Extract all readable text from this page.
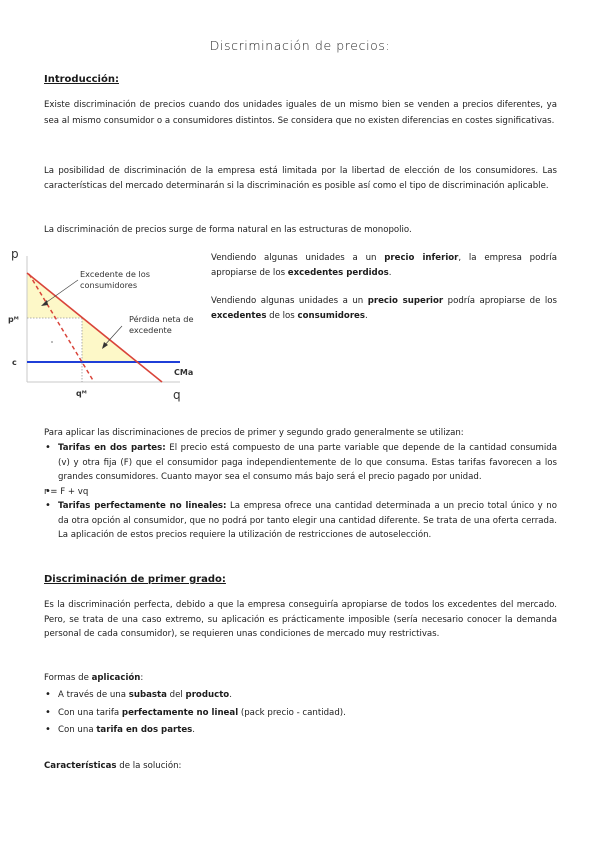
Discriminación de precios:
Introducción:
Existe discriminación de precios cuando dos unidades iguales de un mismo bien se venden a precios diferentes, ya sea al mismo consumidor o a consumidores distintos. Se considera que no existen diferencias en costes significativas.
La posibilidad de discriminación de la empresa está limitada por la libertad de elección de los consumidores. Las características del mercado determinarán si la discriminación es posible así como el tipo de discriminación aplicable.
La discriminación de precios surge de forma natural en las estructuras de monopolio.
p
q
pᴹ
c
qᴹ
CMa
Excedente de los
consumidores
Pérdida neta de
excedente
Vendiendo algunas unidades a un precio inferior, la empresa podría apropiarse de los excedentes perdidos.
Vendiendo algunas unidades a un precio superior podría apropiarse de los excedentes de los consumidores.
Para aplicar las discriminaciones de precios de primer y segundo grado generalmente se utilizan:
• Tarifas en dos partes: El precio está compuesto de una parte variable que depende de la cantidad consumida (v) y otra fija (F) que el consumidor paga independientemente de lo que consuma. Estas tarifas favorecen a los grandes consumidores. Cuanto mayor sea el consumo más bajo será el precio pagado por unidad.
• r = F + vq
• Tarifas perfectamente no lineales: La empresa ofrece una cantidad determinada a un precio total único y no da otra opción al consumidor, que no podrá por tanto elegir una cantidad diferente. Se trata de una oferta cerrada. La aplicación de estos precios requiere la utilización de restricciones de autoselección.
Discriminación de primer grado:
Es la discriminación perfecta, debido a que la empresa conseguiría apropiarse de todos los excedentes del mercado. Pero, se trata de una caso extremo, su aplicación es prácticamente imposible (sería necesario conocer la demanda personal de cada consumidor), se requieren unas condiciones de mercado muy restrictivas.
Formas de aplicación:
• A través de una subasta del producto.
• Con una tarifa perfectamente no lineal (pack precio - cantidad).
• Con una tarifa en dos partes.
Características de la solución:
